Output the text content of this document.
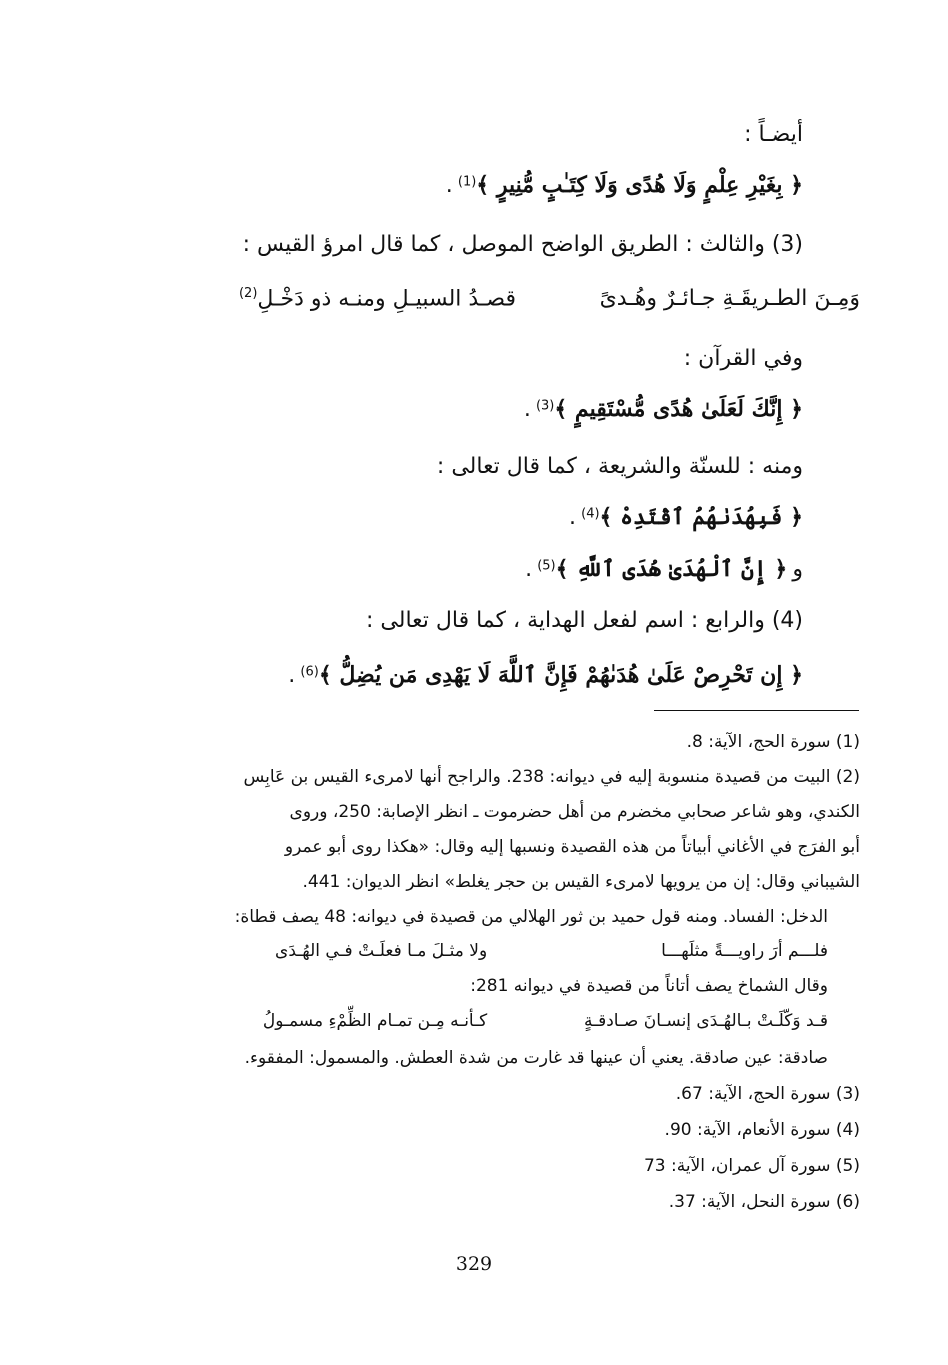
أيضـاً :
﴿ بِغَيْرِ عِلْمٍ وَلَا هُدًى وَلَا كِتَـٰبٍ مُّنِيرٍ ﴾$^{(1)}$ .
(3) والثالث : الطريق الواضح الموصل ، كما قال امرؤ القيس :
وَمِـنَ الطـريقَـةِ جـائـرٌ وهُـدىً  قصـدُ السبيـلِ ومنـه ذو دَخْـلِ$^{(2)}$
وفي القرآن :
﴿ إِنَّكَ لَعَلَىٰ هُدًى مُّسْتَقِيمٍ ﴾$^{(3)}$ .
ومنه : للسنّة والشريعة ، كما قال تعالى :
﴿ فَبِهُدَىٰهُمُ ٱقْتَدِهْ ﴾$^{(4)}$ .
و ﴿ إِنَّ ٱلْهُدَىٰ هُدَى ٱللَّهِ ﴾$^{(5)}$ .
(4) والرابع : اسم لفعل الهداية ، كما قال تعالى :
﴿ إِن تَحْرِصْ عَلَىٰ هُدَىٰهُمْ فَإِنَّ ٱللَّهَ لَا يَهْدِى مَن يُضِلُّ ﴾$^{(6)}$ .
(1) سورة الحج، الآية: 8.
(2) البيت من قصيدة منسوبة إليه في ديوانه: 238. والراجح أنها لامرىء القيس بن عَابِس
الكندي، وهو شاعر صحابي مخضرم من أهل حضرموت ـ انظر الإصابة: 250، وروى
أبو الفرَج في الأغاني أبياتاً من هذه القصيدة ونسبها إليه وقال: «هكذا روى أبو عمرو
الشيباني وقال: إن من يرويها لامرىء القيس بن حجر يغلط» انظر الديوان: 441.
الدخل: الفساد. ومنه قول حميد بن ثور الهلالي من قصيدة في ديوانه: 48 يصف قطاة:
فلـــم أرَ راويـــةً مثلَهـــا  ولا مثـلَ مـا فعلَـتْ فـي الهُـدَى
وقال الشماخ يصف أتاناً من قصيدة في ديوانه 281:
قـد وَكّلَـتْ بـالهُـدَى إنسـانَ صـادقـةٍ  كـأنـه مِـن تمـام الظِّمْءِ مسمـولُ
صادقة: عين صادقة. يعني أن عينها قد غارت من شدة العطش. والمسمول: المفقوء.
(3) سورة الحج، الآية: 67.
(4) سورة الأنعام، الآية: 90.
(5) سورة آل عمران، الآية: 73
(6) سورة النحل، الآية: 37.
329
